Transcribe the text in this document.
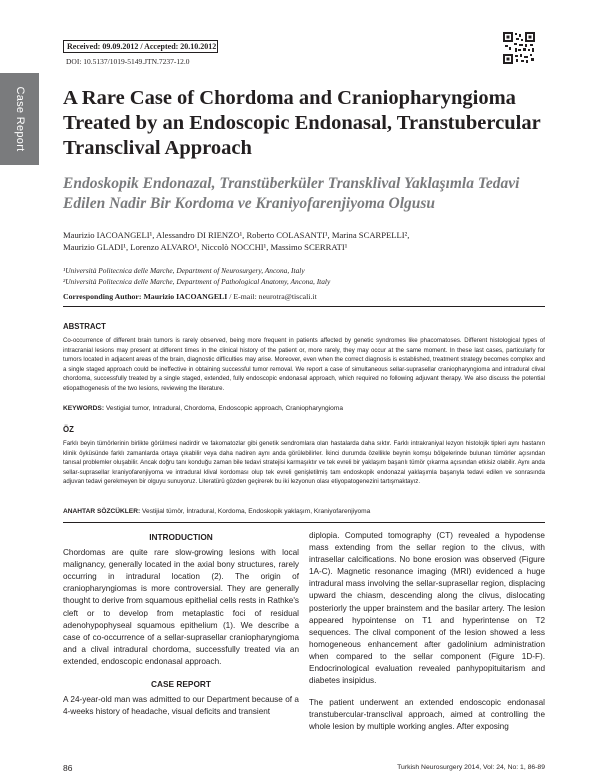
Case Report
Received: 09.09.2012 / Accepted: 20.10.2012
DOI: 10.5137/1019-5149.JTN.7237-12.0
A Rare Case of Chordoma and Craniopharyngioma Treated by an Endoscopic Endonasal, Transtubercular Transclival Approach
Endoskopik Endonazal, Transtüberküler Transklival Yaklaşımla Tedavi Edilen Nadir Bir Kordoma ve Kraniyofarenjiyoma Olgusu
Maurizio IACOANGELI¹, Alessandro DI RIENZO¹, Roberto COLASANTI¹, Marina SCARPELLI²,
Maurizio GLADI¹, Lorenzo ALVARO¹, Niccolò NOCCHI¹, Massimo SCERRATI¹
¹Università Politecnica delle Marche, Department of Neurosurgery, Ancona, Italy
²Università Politecnica delle Marche, Department of Pathological Anatomy, Ancona, Italy
Corresponding Author: Maurizio IACOANGELI / E-mail: neurotra@tiscali.it
ABSTRACT

Co-occurrence of different brain tumors is rarely observed, being more frequent in patients affected by genetic syndromes like phacomatoses. Different histological types of intracranial lesions may present at different times in the clinical history of the patient or, more rarely, they may occur at the same moment. In these last cases, particularly for tumors located in adjacent areas of the brain, diagnostic difficulties may arise. Moreover, even when the correct diagnosis is established, treatment strategy becomes complex and a single staged approach could be ineffective in obtaining successful tumor removal. We report a case of simultaneous sellar-suprasellar craniopharyngioma and intradural clival chordoma, successfully treated by a single staged, extended, fully endoscopic endonasal approach, which required no following adjuvant therapy. We also discuss the potential etiopathogenesis of the two lesions, reviewing the literature.

KEYWORDS: Vestigial tumor, Intradural, Chordoma, Endoscopic approach, Craniopharyngioma
ÖZ

Farklı beyin tümörlerinin birlikte görülmesi nadirdir ve fakomatozlar gibi genetik sendromlara olan hastalarda daha sıktır. Farklı intrakraniyal lezyon histolojik tipleri aynı hastanın klinik öyküsünde farklı zamanlarda ortaya çıkabilir veya daha nadiren aynı anda görülebilirler. İkinci durumda özellikle beynin komşu bölgelerinde bulunan tümörler açısından tanısal problemler oluşabilir. Ancak doğru tanı konduğu zaman bile tedavi stratejisi karmaşıktır ve tek evreli bir yaklaşım başarılı tümör çıkarma açısından etkisiz olabilir. Aynı anda sellar-suprasellar kraniyofarenjiyoma ve intradural klival kordoması olup tek evreli genişletilmiş tam endoskopik endonazal yaklaşımla başarıyla tedavi edilen ve sonrasında adjuvan tedavi gerekmeyen bir olguyu sunuyoruz. Literatürü gözden geçirerek bu iki lezyonun olası etiyopatogenezini tartışmaktayız.

ANAHTAR SÖZCÜKLER: Vestijial tümör, İntradural, Kordoma, Endoskopik yaklaşım, Kraniyofarenjiyoma
INTRODUCTION

Chordomas are quite rare slow-growing lesions with local malignancy, generally located in the axial bony structures, rarely occurring in intradural location (2). The origin of craniopharyngiomas is more controversial. They are generally thought to derive from squamous epithelial cells rests in Rathke's cleft or to develop from metaplastic foci of residual adenohypophyseal squamous epithelium (1). We describe a case of co-occurrence of a sellar-suprasellar craniopharyngioma and a clival intradural chordoma, successfully treated via an extended, endoscopic endonasal approach.

CASE REPORT

A 24-year-old man was admitted to our Department because of a 4-weeks history of headache, visual deficits and transient

diplopia. Computed tomography (CT) revealed a hypodense mass extending from the sellar region to the clivus, with intrasellar calcifications. No bone erosion was observed (Figure 1A-C). Magnetic resonance imaging (MRI) evidenced a huge intradural mass involving the sellar-suprasellar region, displacing upward the chiasm, descending along the clivus, dislocating posteriorly the upper brainstem and the basilar artery. The lesion appeared hypointense on T1 and hyperintense on T2 sequences. The clival component of the lesion showed a less homogeneous enhancement after gadolinium administration when compared to the sellar component (Figure 1D-F). Endocrinological evaluation revealed panhypopituitarism and diabetes insipidus.

The patient underwent an extended endoscopic endonasal transtubercular-transclival approach, aimed at controlling the whole lesion by multiple working angles. After exposing

86	Turkish Neurosurgery 2014, Vol: 24, No: 1, 86-89
